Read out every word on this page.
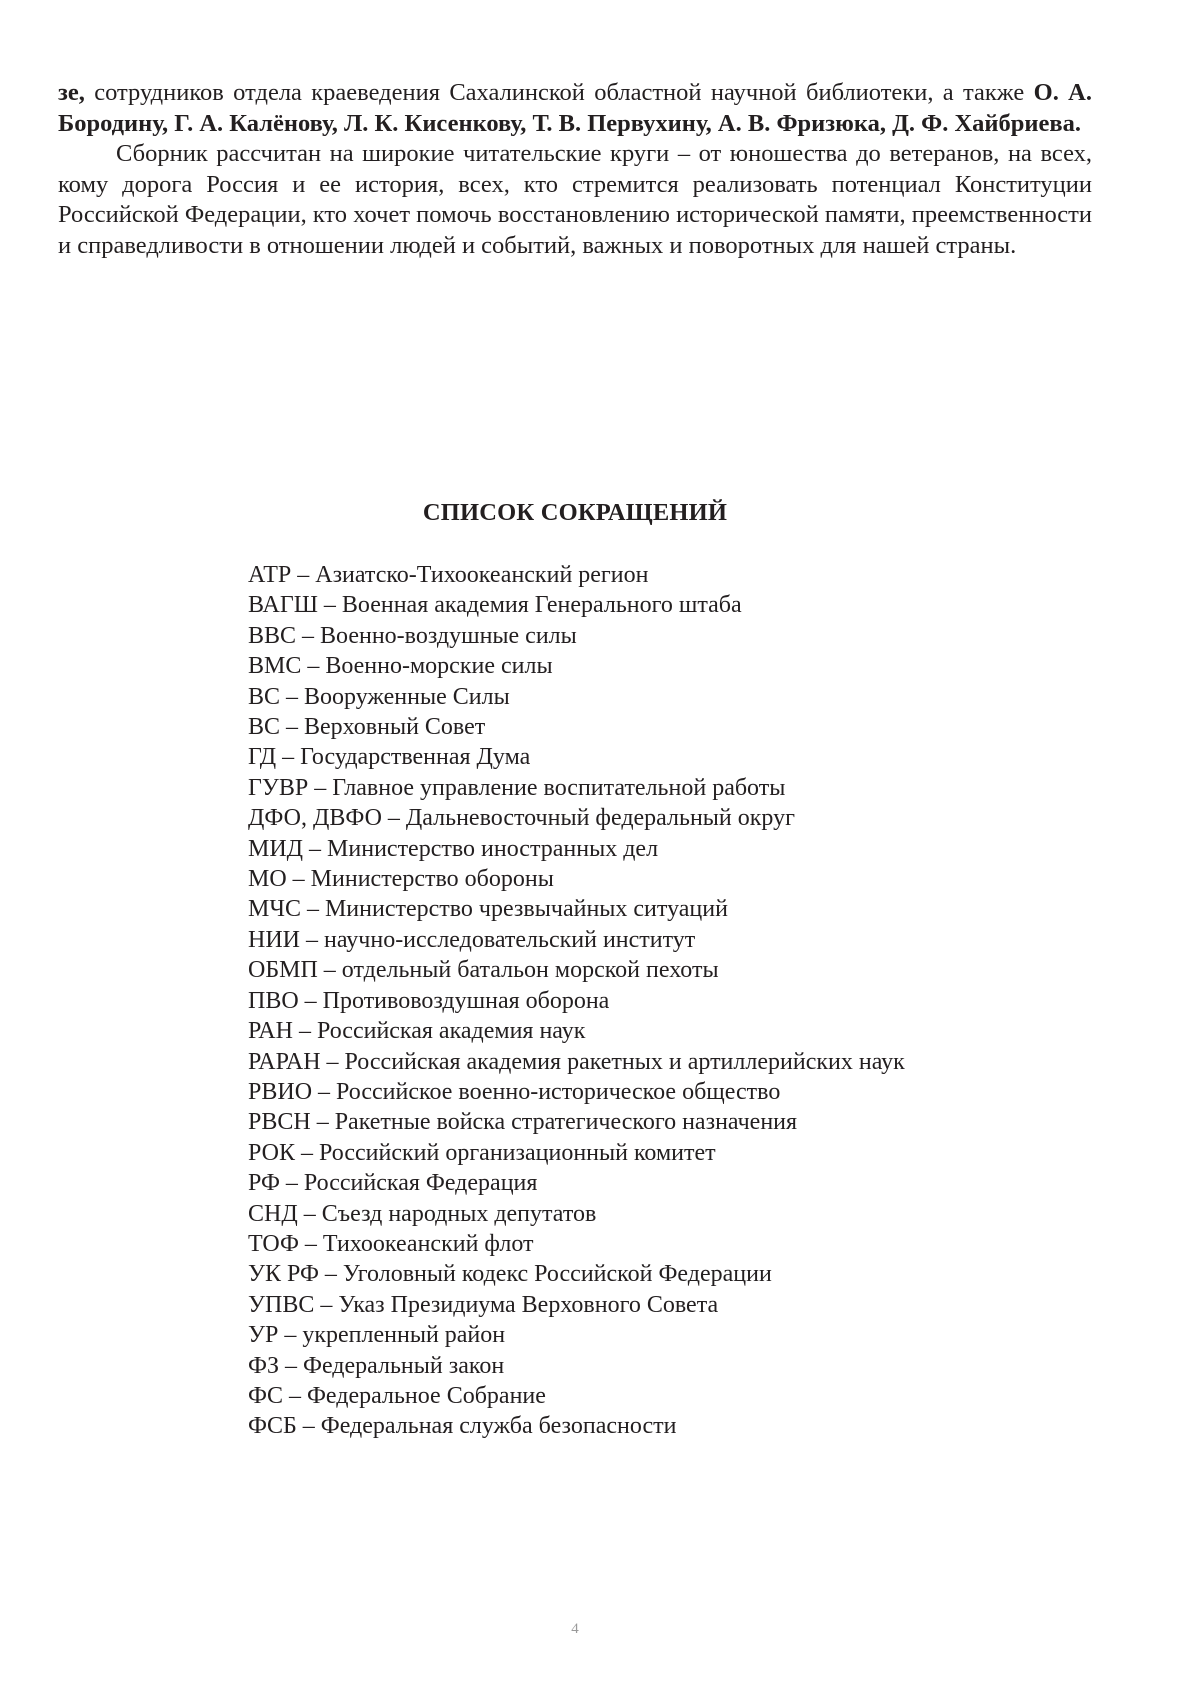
зе, сотрудников отдела краеведения Сахалинской областной научной библиотеки, а также О. А. Бородину, Г. А. Калёнову, Л. К. Кисенкову, Т. В. Первухину, А. В. Фризюка, Д. Ф. Хайбриева.

Сборник рассчитан на широкие читательские круги – от юношества до ветеранов, на всех, кому дорога Россия и ее история, всех, кто стремится реализовать потенциал Конституции Российской Федерации, кто хочет помочь восстановлению исторической памяти, преемственности и справедливости в отношении людей и событий, важных и поворотных для нашей страны.

СПИСОК СОКРАЩЕНИЙ
АТР – Азиатско-Тихоокеанский регион
ВАГШ – Военная академия Генерального штаба
ВВС – Военно-воздушные силы
ВМС – Военно-морские силы
ВС – Вооруженные Силы
ВС – Верховный Совет
ГД – Государственная Дума
ГУВР – Главное управление воспитательной работы
ДФО, ДВФО – Дальневосточный федеральный округ
МИД – Министерство иностранных дел
МО – Министерство обороны
МЧС – Министерство чрезвычайных ситуаций
НИИ – научно-исследовательский институт
ОБМП – отдельный батальон морской пехоты
ПВО – Противовоздушная оборона
РАН – Российская академия наук
РАРАН – Российская академия ракетных и артиллерийских наук
РВИО – Российское военно-историческое общество
РВСН – Ракетные войска стратегического назначения
РОК – Российский организационный комитет
РФ – Российская Федерация
СНД – Съезд народных депутатов
ТОФ – Тихоокеанский флот
УК РФ – Уголовный кодекс Российской Федерации
УПВС – Указ Президиума Верховного Совета
УР – укрепленный район
ФЗ – Федеральный закон
ФС – Федеральное Собрание
ФСБ – Федеральная служба безопасности
4
